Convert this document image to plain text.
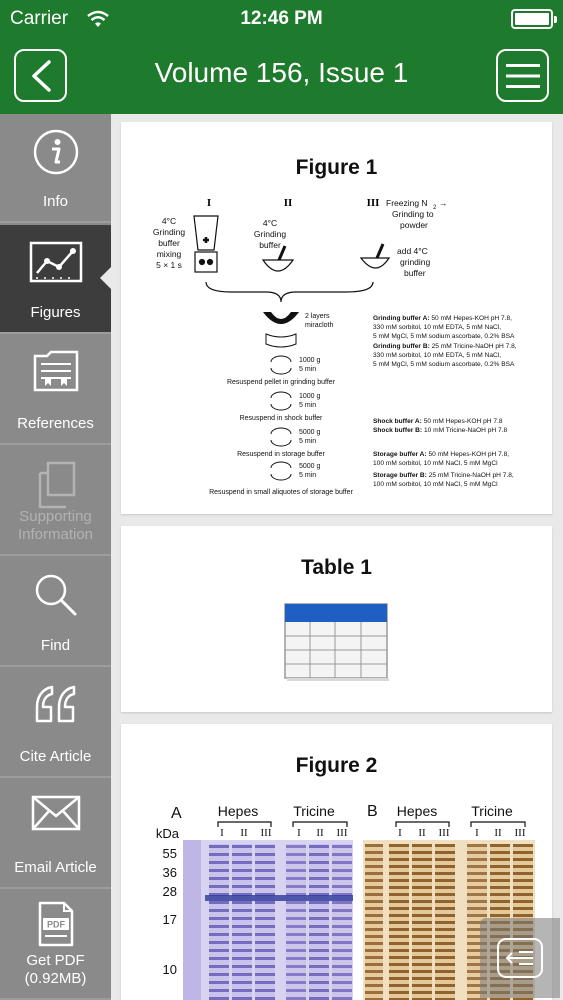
Carrier	12:46 PM
Volume 156, Issue 1
Info
Figures
References
Supporting Information
Find
Cite Article
Email Article
PDF
Get PDF
(0.92MB)
Figure 1
I	II	III
4°C
Grinding
buffer
mixing
5 × 1 s
4°C
Grinding
buffer
Freezing N 2 →
Grinding to
powder
add 4°C
grinding
buffer
2 layers
miracloth
1000 g
5 min
Resuspend pellet in grinding buffer
1000 g
5 min
Resuspend in shock buffer
5000 g
5 min
Resuspend in storage buffer
5000 g
5 min
Resuspend in small aliquotes of storage buffer
Grinding buffer A: 50 mM Hepes-KOH pH 7.8,
330 mM sorbitol, 10 mM EDTA, 5 mM NaCl,
5 mM MgCl, 5 mM sodium ascorbate, 0.2% BSA
Grinding buffer B: 25 mM Tricine-NaOH pH 7.8,
330 mM sorbitol, 10 mM EDTA, 5 mM NaCl,
5 mM MgCl, 5 mM sodium ascorbate, 0.2% BSA
Shock buffer A: 50 mM Hepes-KOH pH 7.8
Shock buffer B: 10 mM Tricine-NaOH pH 7.8
Storage buffer A: 50 mM Hepes-KOH pH 7.8,
100 mM sorbitol, 10 mM NaCl, 5 mM MgCl
Storage buffer B: 25 mM Tricine-NaOH pH 7.8,
100 mM sorbitol, 10 mM NaCl, 5 mM MgCl
Table 1
Figure 2
A	B
Hepes	Tricine	Hepes Tricine
I II III I II III	I II III I II III
kDa
55
36
28
17
10
